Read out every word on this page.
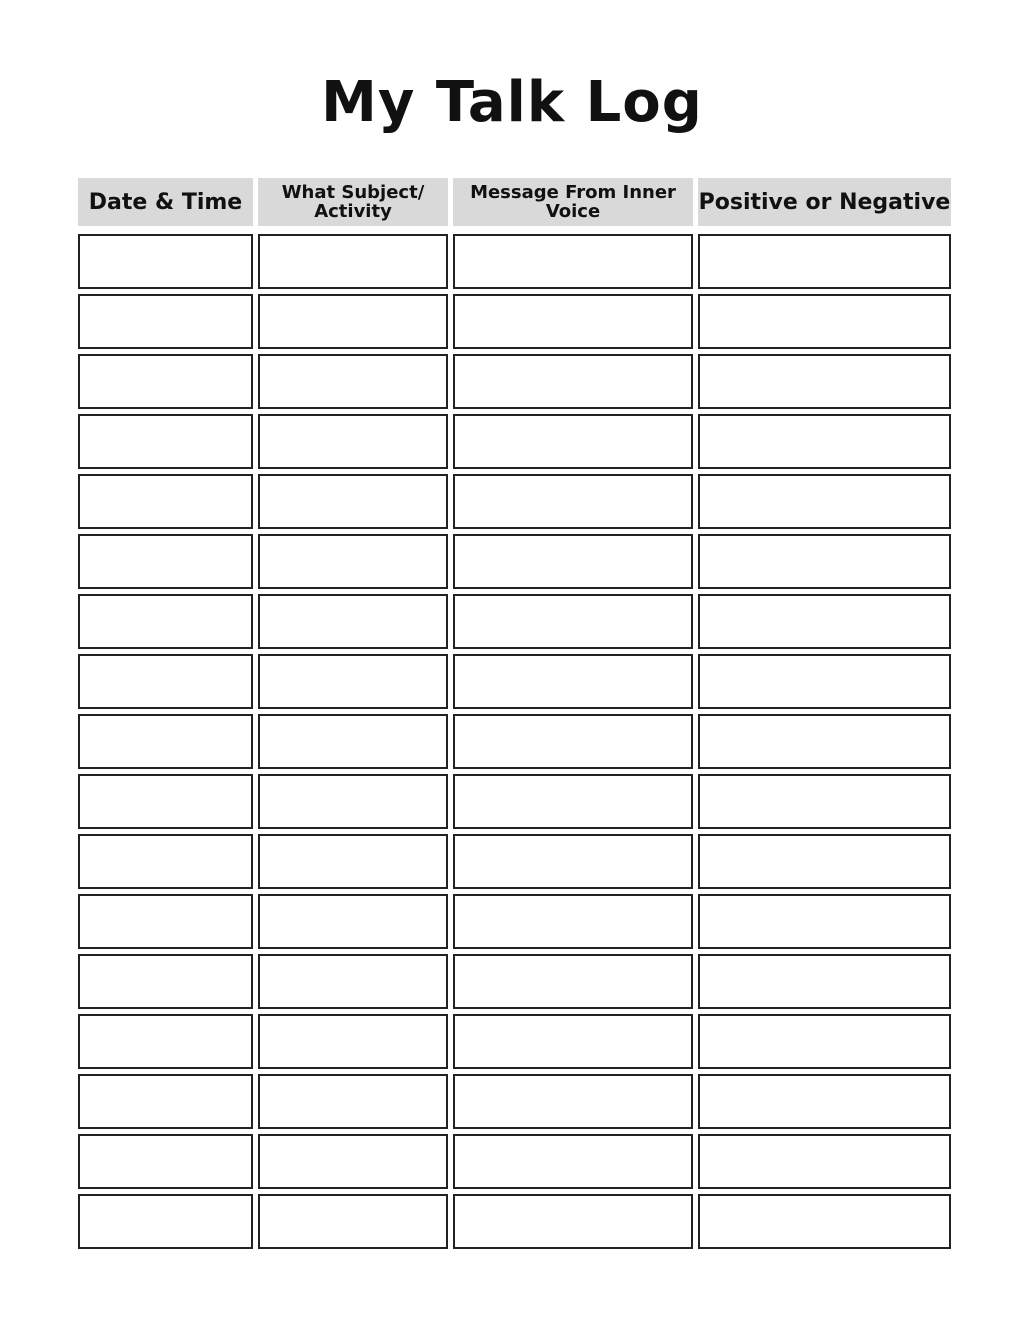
My Talk Log
Date & Time	What Subject/ Activity
Message From Inner Voice	Positive or Negative
